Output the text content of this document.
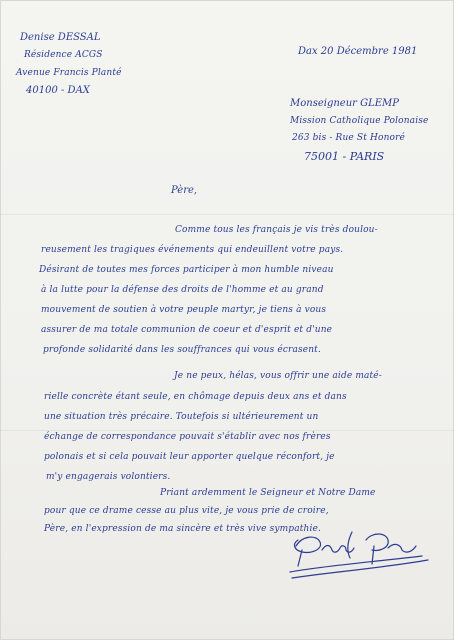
Denise DESSAL
Résidence ACGS
Avenue Francis Planté
40100 - DAX
Dax 20 Décembre 1981
Monseigneur GLEMP
Mission Catholique Polonaise
263 bis - Rue St Honoré
75001 - PARIS
Père,
Comme tous les français je vis très doulou-
reusement les tragiques événements qui endeuillent votre pays.
Désirant de toutes mes forces participer à mon humble niveau
à la lutte pour la défense des droits de l'homme et au grand
mouvement de soutien à votre peuple martyr, je tiens à vous
assurer de ma totale communion de coeur et d'esprit et d'une
profonde solidarité dans les souffrances qui vous écrasent.
Je ne peux, hélas, vous offrir une aide maté-
rielle concrète étant seule, en chômage depuis deux ans et dans
une situation très précaire. Toutefois si ultérieurement un
échange de correspondance pouvait s'établir avec nos frères
polonais et si cela pouvait leur apporter quelque réconfort, je
m'y engagerais volontiers.
Priant ardemment le Seigneur et Notre Dame
pour que ce drame cesse au plus vite, je vous prie de croire,
Père, en l'expression de ma sincère et très vive sympathie.
